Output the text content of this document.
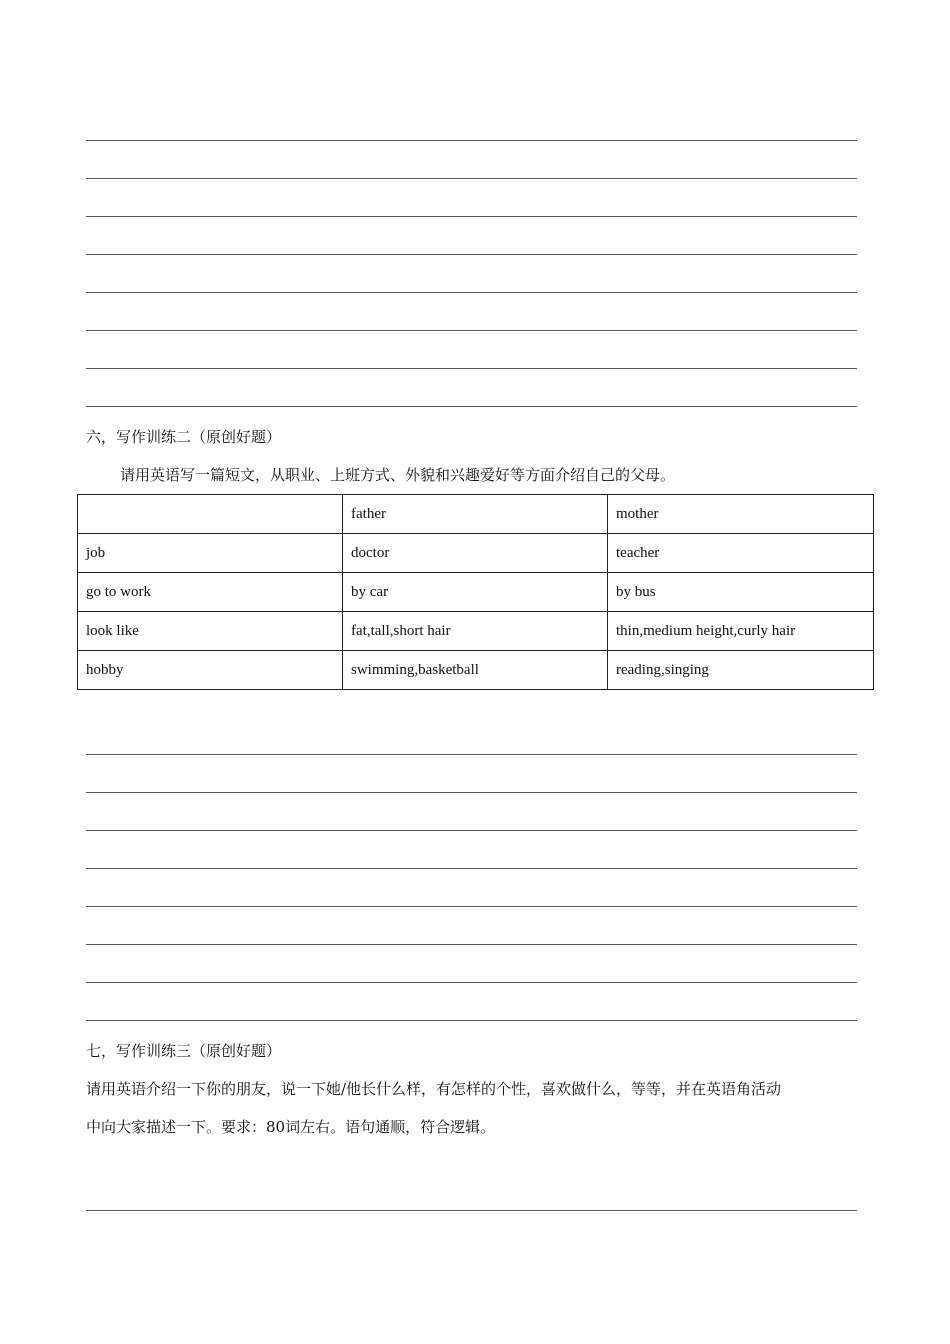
六，写作训练二（原创好题）
请用英语写一篇短文，从职业、上班方式、外貌和兴趣爱好等方面介绍自己的父母。
	father	mother
job	doctor	teacher
go to work	by car	by bus
look like	fat,tall,short hair	thin,medium height,curly hair
hobby	swimming,basketball	reading,singing
七，写作训练三（原创好题）
请用英语介绍一下你的朋友，说一下她/他长什么样，有怎样的个性，喜欢做什么，等等，并在英语角活动
中向大家描述一下。要求：80词左右。语句通顺，符合逻辑。
